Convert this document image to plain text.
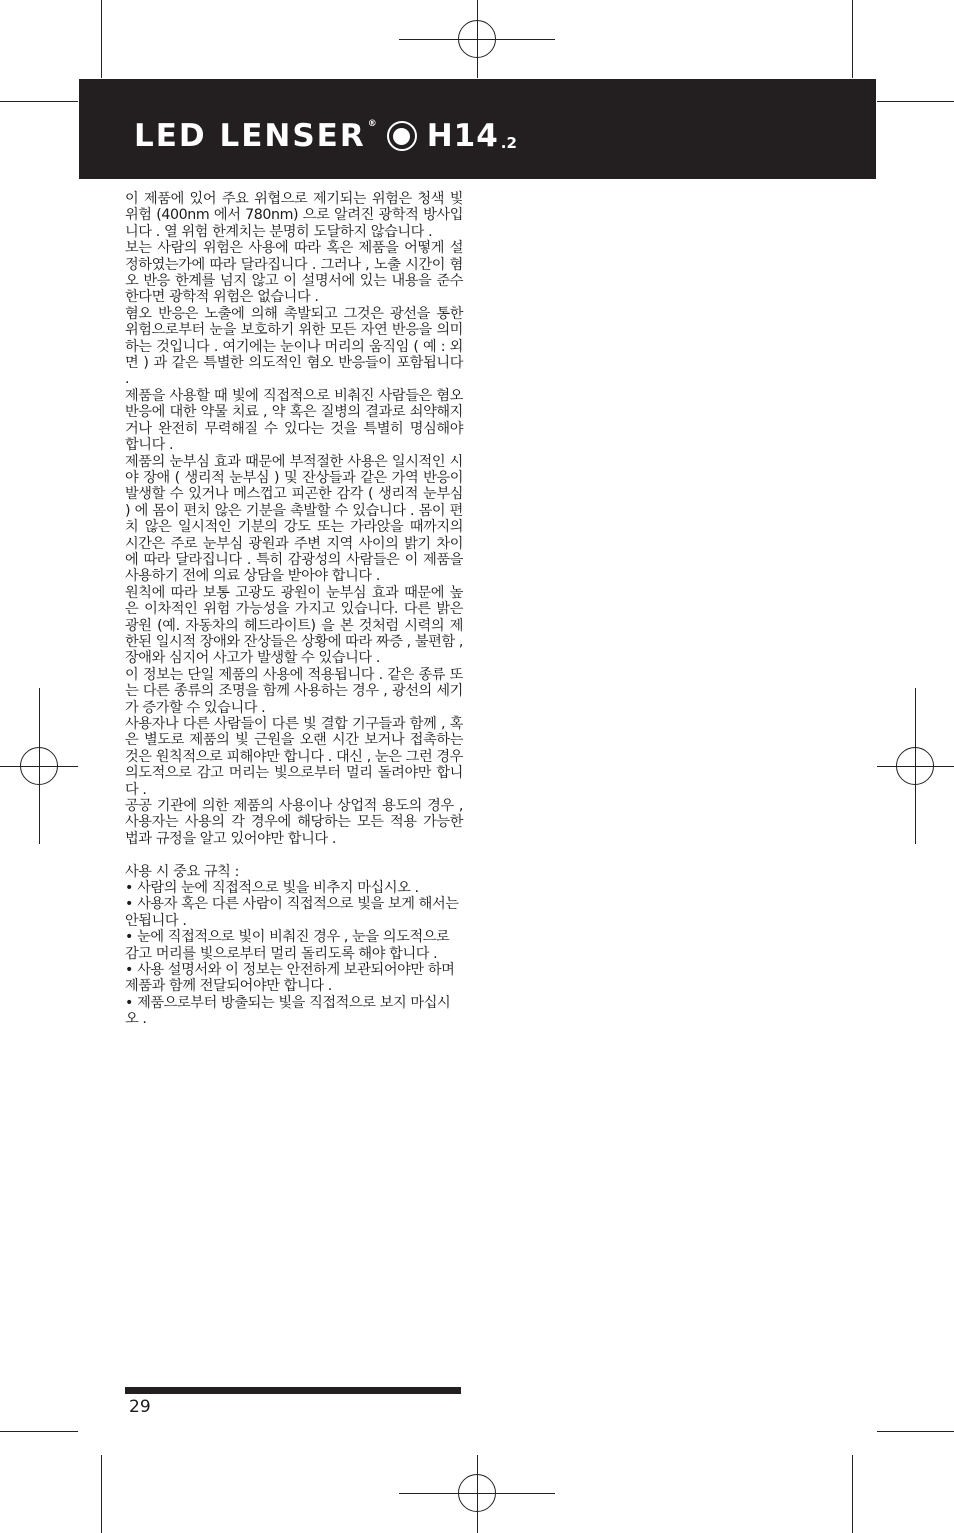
LED LENSER ® H14 .2

이 제품에 있어 주요 위협으로 제기되는 위험은 청색 빛 위험 (400nm 에서 780nm) 으로 알려진 광학적 방사입니다 . 열 위험 한계치는 분명히 도달하지 않습니다 .

보는 사람의 위험은 사용에 따라 혹은 제품을 어떻게 설정하였는가에 따라 달라집니다 . 그러나 , 노출 시간이 혐오 반응 한계를 넘지 않고 이 설명서에 있는 내용을 준수한다면 광학적 위험은 없습니다 .

혐오 반응은 노출에 의해 촉발되고 그것은 광선을 통한 위험으로부터 눈을 보호하기 위한 모든 자연 반응을 의미하는 것입니다 . 여기에는 눈이나 머리의 움직임 ( 예 : 외면 ) 과 같은 특별한 의도적인 혐오 반응들이 포함됩니다 .

제품을 사용할 때 빛에 직접적으로 비춰진 사람들은 혐오 반응에 대한 약물 치료 , 약 혹은 질병의 결과로 쇠약해지거나 완전히 무력해질 수 있다는 것을 특별히 명심해야 합니다 .

제품의 눈부심 효과 때문에 부적절한 사용은 일시적인 시야 장애 ( 생리적 눈부심 ) 및 잔상들과 같은 가역 반응이 발생할 수 있거나 메스껍고 피곤한 감각 ( 생리적 눈부심 ) 에 몸이 편치 않은 기분을 촉발할 수 있습니다 . 몸이 편치 않은 일시적인 기분의 강도 또는 가라앉을 때까지의 시간은 주로 눈부심 광원과 주변 지역 사이의 밝기 차이에 따라 달라집니다 . 특히 감광성의 사람들은 이 제품을 사용하기 전에 의료 상담을 받아야 합니다 .

원칙에 따라 보통 고광도 광원이 눈부심 효과 때문에 높은 이차적인 위험 가능성을 가지고 있습니다. 다른 밝은 광원 (예. 자동차의 헤드라이트) 을 본 것처럼 시력의 제한된 일시적 장애와 잔상들은 상황에 따라 짜증 , 불편함 , 장애와 심지어 사고가 발생할 수 있습니다 .

이 정보는 단일 제품의 사용에 적용됩니다 . 같은 종류 또는 다른 종류의 조명을 함께 사용하는 경우 , 광선의 세기가 증가할 수 있습니다 .

사용자나 다른 사람들이 다른 빛 결합 기구들과 함께 , 혹은 별도로 제품의 빛 근원을 오랜 시간 보거나 접촉하는 것은 원칙적으로 피해야만 합니다 . 대신 , 눈은 그런 경우 의도적으로 감고 머리는 빛으로부터 멀리 돌려야만 합니다 .

공공 기관에 의한 제품의 사용이나 상업적 용도의 경우 , 사용자는 사용의 각 경우에 해당하는 모든 적용 가능한 법과 규정을 알고 있어야만 합니다 .

사용 시 중요 규칙 :

• 사람의 눈에 직접적으로 빛을 비추지 마십시오 .

• 사용자 혹은 다른 사람이 직접적으로 빛을 보게 해서는 안됩니다 .

• 눈에 직접적으로 빛이 비춰진 경우 , 눈을 의도적으로 감고 머리를 빛으로부터 멀리 돌리도록 해야 합니다 .

• 사용 설명서와 이 정보는 안전하게 보관되어야만 하며 제품과 함께 전달되어야만 합니다 .

• 제품으로부터 방출되는 빛을 직접적으로 보지 마십시오 .

29
